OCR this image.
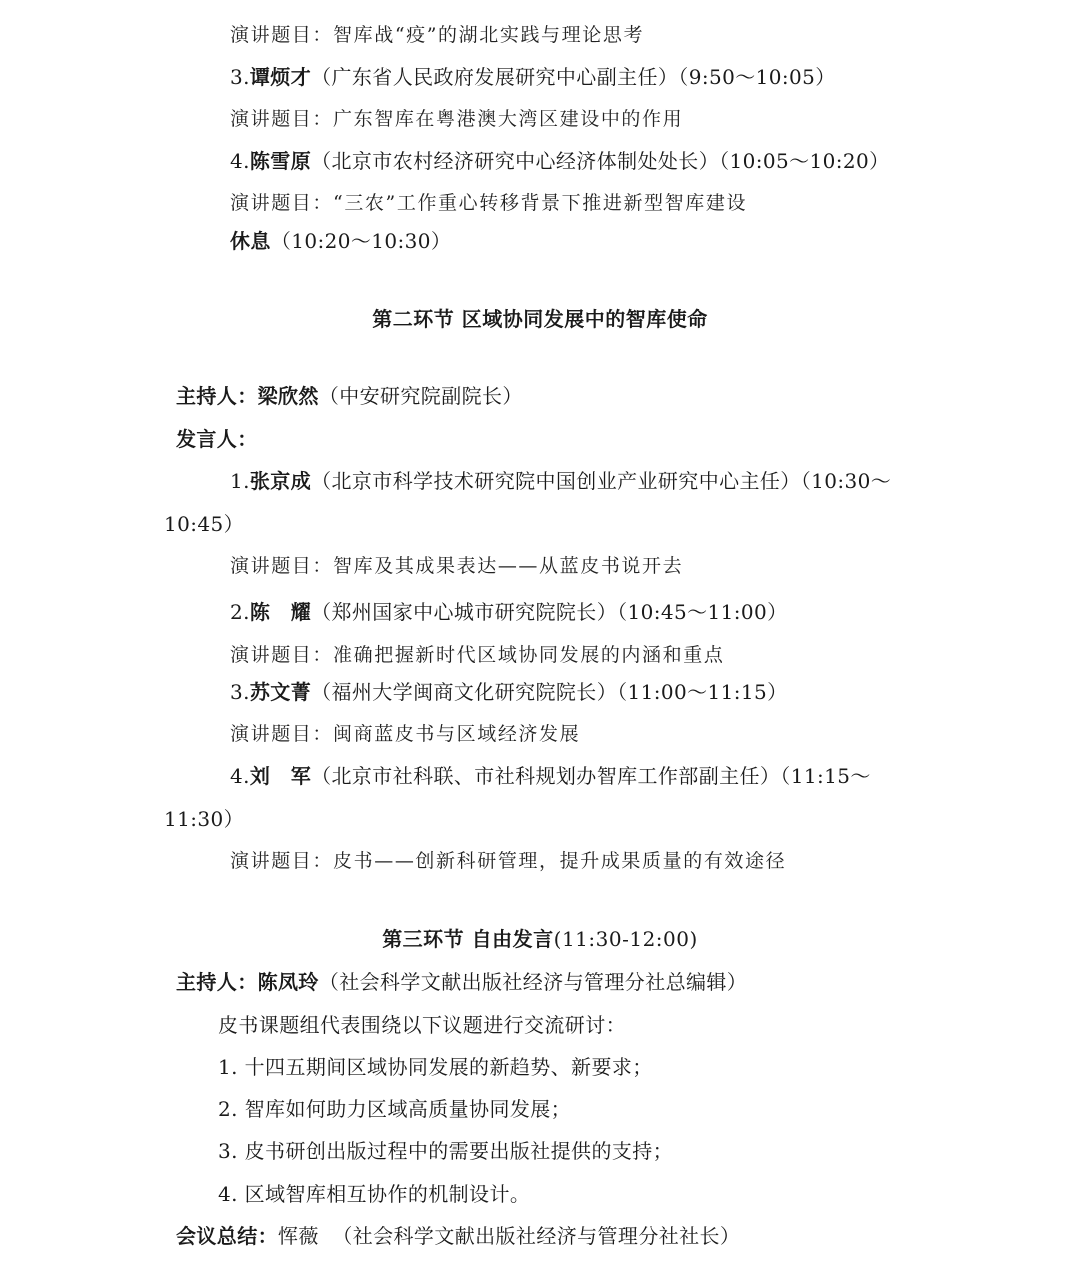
演讲题目：智库战“疫”的湖北实践与理论思考
3.谭烦才（广东省人民政府发展研究中心副主任）（9:50～10:05）
演讲题目：广东智库在粤港澳大湾区建设中的作用
4.陈雪原（北京市农村经济研究中心经济体制处处长）（10:05～10:20）
演讲题目：“三农”工作重心转移背景下推进新型智库建设
休息（10:20～10:30）
第二环节 区域协同发展中的智库使命
主持人：梁欣然（中安研究院副院长）
发言人：
1.张京成（北京市科学技术研究院中国创业产业研究中心主任）（10:30～
10:45）
演讲题目：智库及其成果表达——从蓝皮书说开去
2.陈　耀（郑州国家中心城市研究院院长）（10:45～11:00）
演讲题目：准确把握新时代区域协同发展的内涵和重点
3.苏文菁（福州大学闽商文化研究院院长）（11:00～11:15）
演讲题目：闽商蓝皮书与区域经济发展
4.刘　军（北京市社科联、市社科规划办智库工作部副主任）（11:15～
11:30）
演讲题目：皮书——创新科研管理，提升成果质量的有效途径
第三环节 自由发言(11:30-12:00)
主持人：陈凤玲（社会科学文献出版社经济与管理分社总编辑）
皮书课题组代表围绕以下议题进行交流研讨：
1. 十四五期间区域协同发展的新趋势、新要求；
2. 智库如何助力区域高质量协同发展；
3. 皮书研创出版过程中的需要出版社提供的支持；
4. 区域智库相互协作的机制设计。
会议总结：恽薇 （社会科学文献出版社经济与管理分社社长）
